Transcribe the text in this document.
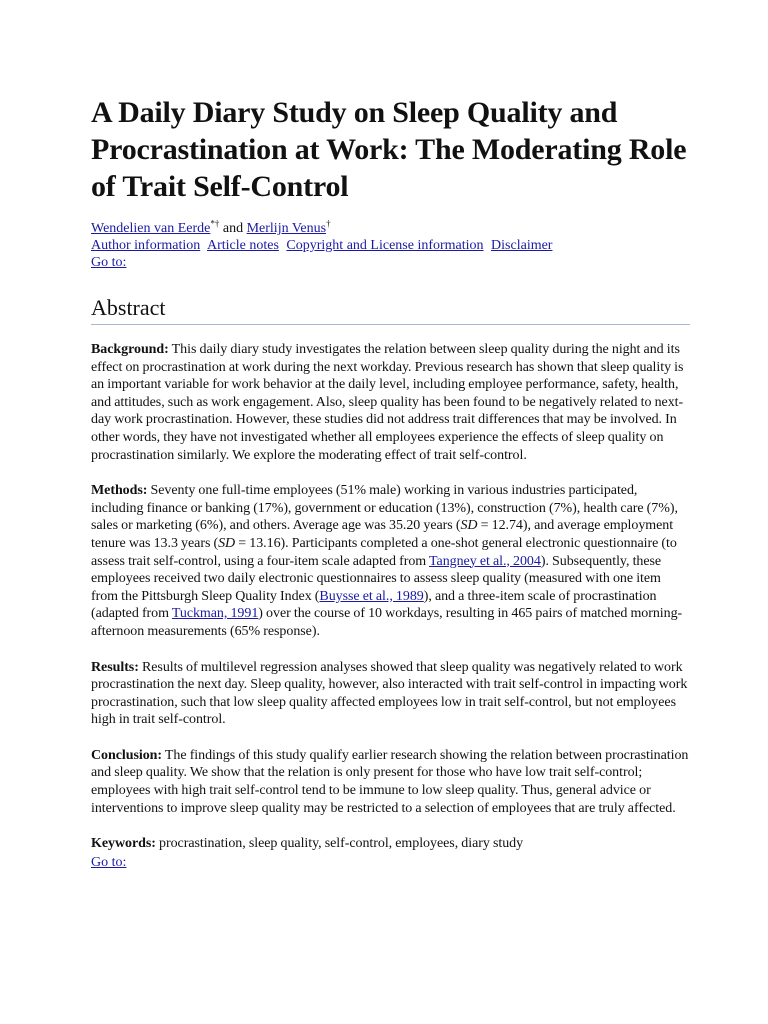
A Daily Diary Study on Sleep Quality and Procrastination at Work: The Moderating Role of Trait Self-Control
Wendelien van Eerde*† and Merlijn Venus†
Author information Article notes Copyright and License information Disclaimer
Go to:
Abstract

Background: This daily diary study investigates the relation between sleep quality during the night and its effect on procrastination at work during the next workday. Previous research has shown that sleep quality is an important variable for work behavior at the daily level, including employee performance, safety, health, and attitudes, such as work engagement. Also, sleep quality has been found to be negatively related to next-day work procrastination. However, these studies did not address trait differences that may be involved. In other words, they have not investigated whether all employees experience the effects of sleep quality on procrastination similarly. We explore the moderating effect of trait self-control.

Methods: Seventy one full-time employees (51% male) working in various industries participated, including finance or banking (17%), government or education (13%), construction (7%), health care (7%), sales or marketing (6%), and others. Average age was 35.20 years (SD = 12.74), and average employment tenure was 13.3 years (SD = 13.16). Participants completed a one-shot general electronic questionnaire (to assess trait self-control, using a four-item scale adapted from Tangney et al., 2004). Subsequently, these employees received two daily electronic questionnaires to assess sleep quality (measured with one item from the Pittsburgh Sleep Quality Index (Buysse et al., 1989), and a three-item scale of procrastination (adapted from Tuckman, 1991) over the course of 10 workdays, resulting in 465 pairs of matched morning-afternoon measurements (65% response).

Results: Results of multilevel regression analyses showed that sleep quality was negatively related to work procrastination the next day. Sleep quality, however, also interacted with trait self-control in impacting work procrastination, such that low sleep quality affected employees low in trait self-control, but not employees high in trait self-control.

Conclusion: The findings of this study qualify earlier research showing the relation between procrastination and sleep quality. We show that the relation is only present for those who have low trait self-control; employees with high trait self-control tend to be immune to low sleep quality. Thus, general advice or interventions to improve sleep quality may be restricted to a selection of employees that are truly affected.

Keywords: procrastination, sleep quality, self-control, employees, diary study

Go to:
